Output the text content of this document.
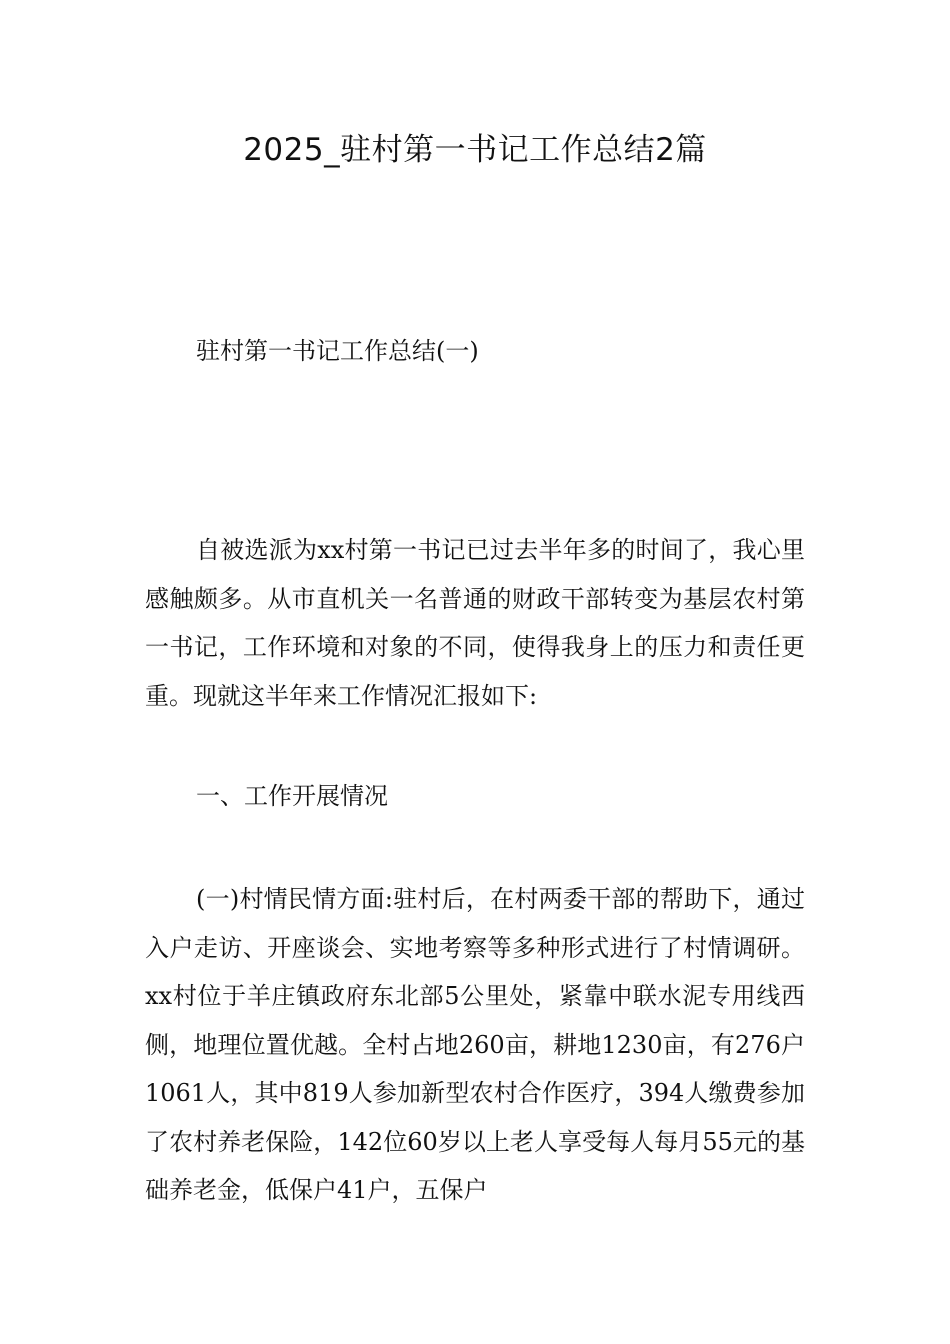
2025_驻村第一书记工作总结2篇

驻村第一书记工作总结(一)

自被选派为xx村第一书记已过去半年多的时间了，我心里感触颇多。从市直机关一名普通的财政干部转变为基层农村第一书记，工作环境和对象的不同，使得我身上的压力和责任更重。现就这半年来工作情况汇报如下:

一、工作开展情况

(一)村情民情方面:驻村后，在村两委干部的帮助下，通过入户走访、开座谈会、实地考察等多种形式进行了村情调研。xx村位于羊庄镇政府东北部5公里处，紧靠中联水泥专用线西侧，地理位置优越。全村占地260亩，耕地1230亩，有276户1061人，其中819人参加新型农村合作医疗，394人缴费参加了农村养老保险，142位60岁以上老人享受每人每月55元的基础养老金，低保户41户，五保户
